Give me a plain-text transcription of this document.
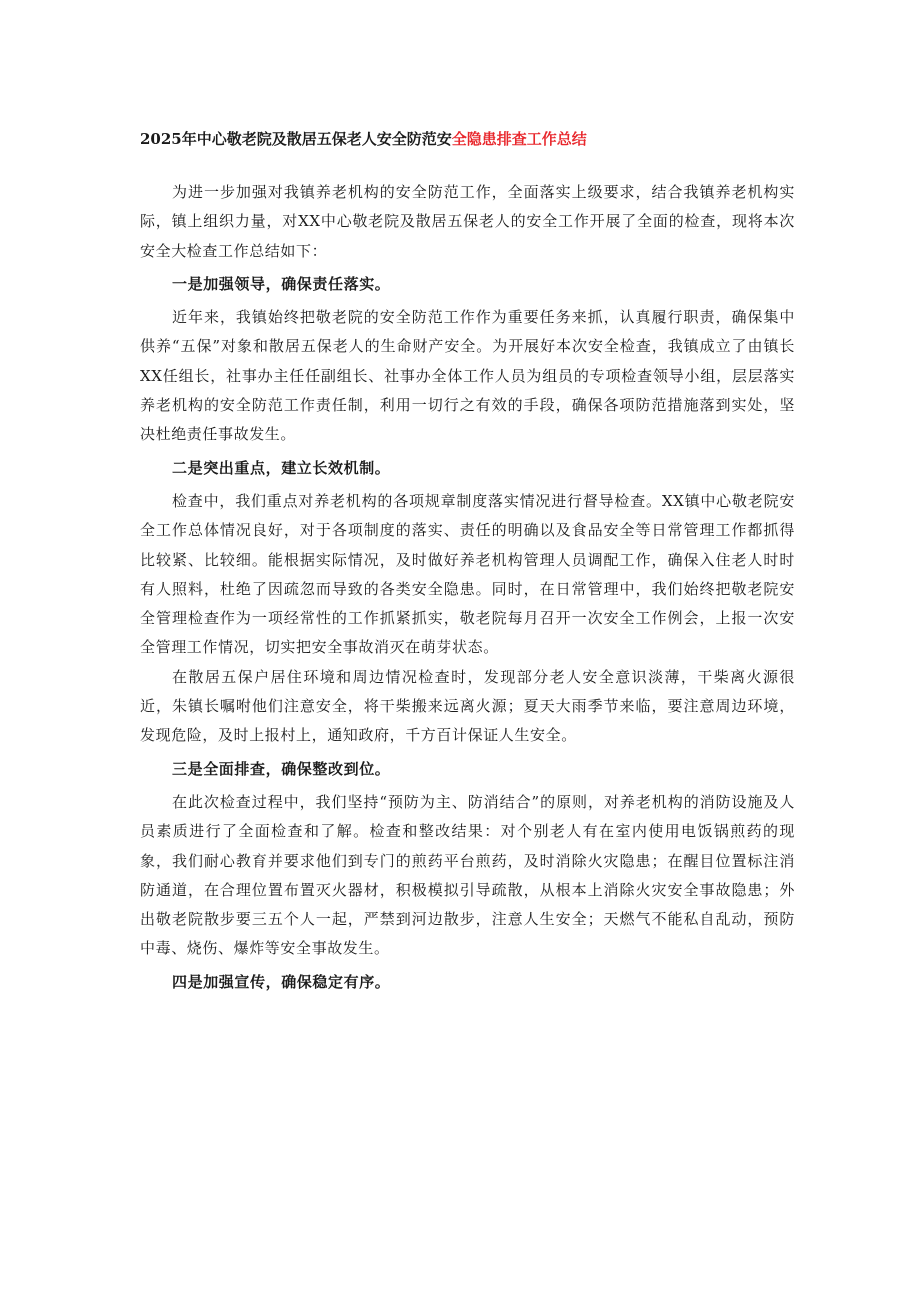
2025年中心敬老院及散居五保老人安全防范安全隐患排查工作总结

为进一步加强对我镇养老机构的安全防范工作，全面落实上级要求，结合我镇养老机构实际，镇上组织力量，对XX中心敬老院及散居五保老人的安全工作开展了全面的检查，现将本次安全大检查工作总结如下：

一是加强领导，确保责任落实。

近年来，我镇始终把敬老院的安全防范工作作为重要任务来抓，认真履行职责，确保集中供养“五保”对象和散居五保老人的生命财产安全。为开展好本次安全检查，我镇成立了由镇长XX任组长，社事办主任任副组长、社事办全体工作人员为组员的专项检查领导小组，层层落实养老机构的安全防范工作责任制，利用一切行之有效的手段，确保各项防范措施落到实处，坚决杜绝责任事故发生。

二是突出重点，建立长效机制。

检查中，我们重点对养老机构的各项规章制度落实情况进行督导检查。XX镇中心敬老院安全工作总体情况良好，对于各项制度的落实、责任的明确以及食品安全等日常管理工作都抓得比较紧、比较细。能根据实际情况，及时做好养老机构管理人员调配工作，确保入住老人时时有人照料，杜绝了因疏忽而导致的各类安全隐患。同时，在日常管理中，我们始终把敬老院安全管理检查作为一项经常性的工作抓紧抓实，敬老院每月召开一次安全工作例会，上报一次安全管理工作情况，切实把安全事故消灭在萌芽状态。

在散居五保户居住环境和周边情况检查时，发现部分老人安全意识淡薄，干柴离火源很近，朱镇长嘱咐他们注意安全，将干柴搬来远离火源；夏天大雨季节来临，要注意周边环境，发现危险，及时上报村上，通知政府，千方百计保证人生安全。

三是全面排查，确保整改到位。

在此次检查过程中，我们坚持“预防为主、防消结合”的原则，对养老机构的消防设施及人员素质进行了全面检查和了解。检查和整改结果：对个别老人有在室内使用电饭锅煎药的现象，我们耐心教育并要求他们到专门的煎药平台煎药，及时消除火灾隐患；在醒目位置标注消防通道，在合理位置布置灭火器材，积极模拟引导疏散，从根本上消除火灾安全事故隐患；外出敬老院散步要三五个人一起，严禁到河边散步，注意人生安全；天燃气不能私自乱动，预防中毒、烧伤、爆炸等安全事故发生。

四是加强宣传，确保稳定有序。
